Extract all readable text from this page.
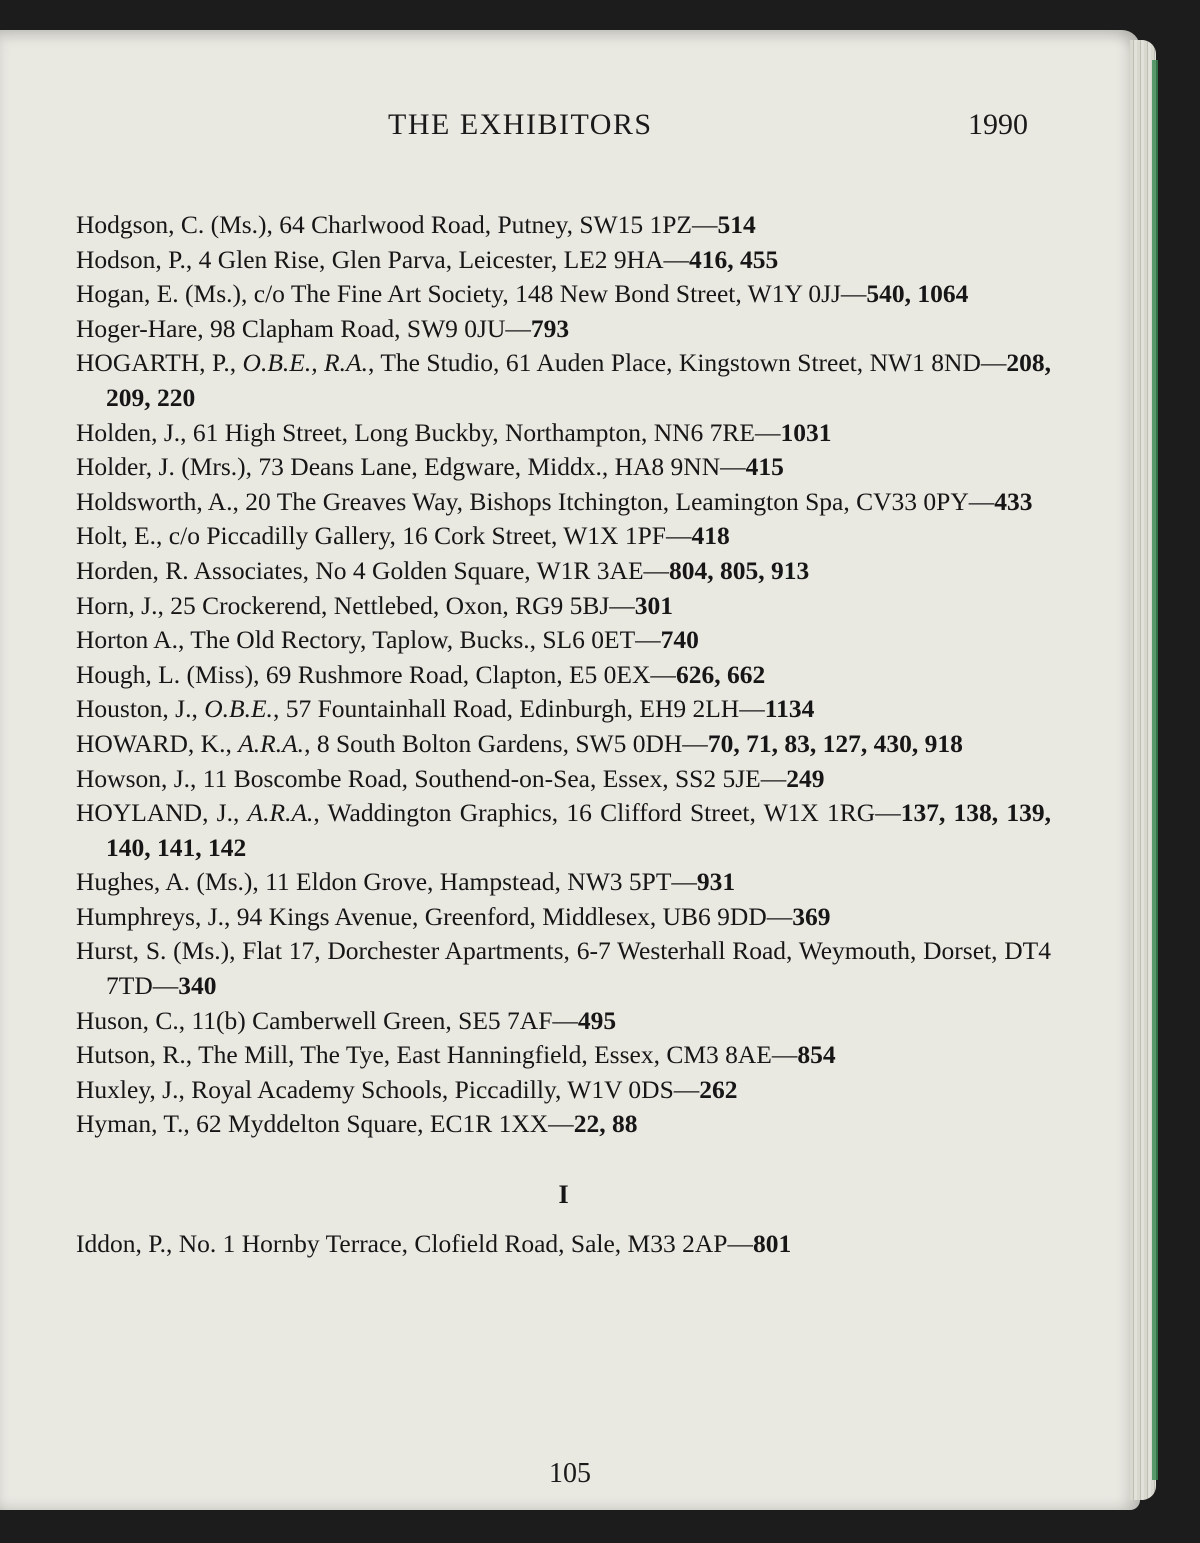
THE EXHIBITORS	1990
Hodgson, C. (Ms.), 64 Charlwood Road, Putney, SW15 1PZ—514
Hodson, P., 4 Glen Rise, Glen Parva, Leicester, LE2 9HA—416, 455
Hogan, E. (Ms.), c/o The Fine Art Society, 148 New Bond Street, W1Y 0JJ—540, 1064
Hoger-Hare, 98 Clapham Road, SW9 0JU—793
HOGARTH, P., O.B.E., R.A., The Studio, 61 Auden Place, Kingstown Street, NW1 8ND—208, 209, 220
Holden, J., 61 High Street, Long Buckby, Northampton, NN6 7RE—1031
Holder, J. (Mrs.), 73 Deans Lane, Edgware, Middx., HA8 9NN—415
Holdsworth, A., 20 The Greaves Way, Bishops Itchington, Leamington Spa, CV33 0PY—433
Holt, E., c/o Piccadilly Gallery, 16 Cork Street, W1X 1PF—418
Horden, R. Associates, No 4 Golden Square, W1R 3AE—804, 805, 913
Horn, J., 25 Crockerend, Nettlebed, Oxon, RG9 5BJ—301
Horton A., The Old Rectory, Taplow, Bucks., SL6 0ET—740
Hough, L. (Miss), 69 Rushmore Road, Clapton, E5 0EX—626, 662
Houston, J., O.B.E., 57 Fountainhall Road, Edinburgh, EH9 2LH—1134
HOWARD, K., A.R.A., 8 South Bolton Gardens, SW5 0DH—70, 71, 83, 127, 430, 918
Howson, J., 11 Boscombe Road, Southend-on-Sea, Essex, SS2 5JE—249
HOYLAND, J., A.R.A., Waddington Graphics, 16 Clifford Street, W1X 1RG—137, 138, 139, 140, 141, 142
Hughes, A. (Ms.), 11 Eldon Grove, Hampstead, NW3 5PT—931
Humphreys, J., 94 Kings Avenue, Greenford, Middlesex, UB6 9DD—369
Hurst, S. (Ms.), Flat 17, Dorchester Apartments, 6-7 Westerhall Road, Weymouth, Dorset, DT4 7TD—340
Huson, C., 11(b) Camberwell Green, SE5 7AF—495
Hutson, R., The Mill, The Tye, East Hanningfield, Essex, CM3 8AE—854
Huxley, J., Royal Academy Schools, Piccadilly, W1V 0DS—262
Hyman, T., 62 Myddelton Square, EC1R 1XX—22, 88
I
Iddon, P., No. 1 Hornby Terrace, Clofield Road, Sale, M33 2AP—801
105
